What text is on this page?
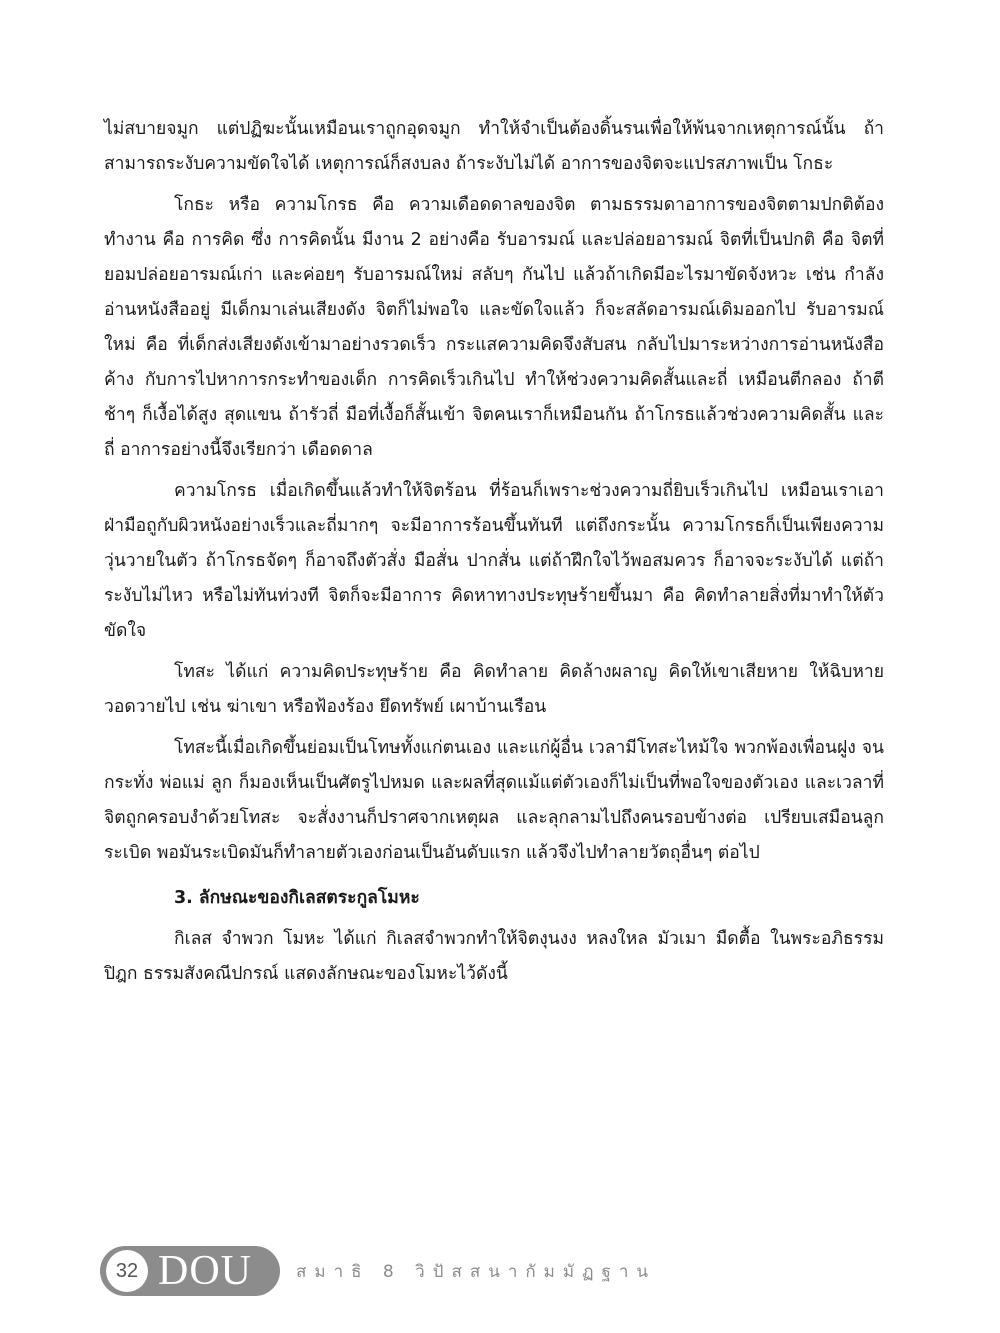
ไม่สบายจมูก แต่ปฏิฆะนั้นเหมือนเราถูกอุดจมูก ทำให้จำเป็นต้องดิ้นรนเพื่อให้พ้นจากเหตุการณ์นั้น ถ้าสามารถระงับความขัดใจได้ เหตุการณ์ก็สงบลง ถ้าระงับไม่ได้ อาการของจิตจะแปรสภาพเป็น โกธะ

โกธะ หรือ ความโกรธ คือ ความเดือดดาลของจิต ตามธรรมดาอาการของจิตตามปกติต้องทำงาน คือ การคิด ซึ่ง การคิดนั้น มีงาน 2 อย่างคือ รับอารมณ์ และปล่อยอารมณ์ จิตที่เป็นปกติ คือ จิตที่ยอมปล่อยอารมณ์เก่า และค่อยๆ รับอารมณ์ใหม่ สลับๆ กันไป แล้วถ้าเกิดมีอะไรมาขัดจังหวะ เช่น กำลังอ่านหนังสืออยู่ มีเด็กมาเล่นเสียงดัง จิตก็ไม่พอใจ และขัดใจแล้ว ก็จะสลัดอารมณ์เดิมออกไป รับอารมณ์ใหม่ คือ ที่เด็กส่งเสียงดังเข้ามาอย่างรวดเร็ว กระแสความคิดจึงสับสน กลับไปมาระหว่างการอ่านหนังสือค้าง กับการไปหาการกระทำของเด็ก การคิดเร็วเกินไป ทำให้ช่วงความคิดสั้นและถี่ เหมือนตีกลอง ถ้าตีช้าๆ ก็เงื้อได้สูง สุดแขน ถ้ารัวถี่ มือที่เงื้อก็สั้นเข้า จิตคนเราก็เหมือนกัน ถ้าโกรธแล้วช่วงความคิดสั้น และถี่ อาการอย่างนี้จึงเรียกว่า เดือดดาล

ความโกรธ เมื่อเกิดขึ้นแล้วทำให้จิตร้อน ที่ร้อนก็เพราะช่วงความถี่ยิบเร็วเกินไป เหมือนเราเอาฝ่ามือถูกับผิวหนังอย่างเร็วและถี่มากๆ จะมีอาการร้อนขึ้นทันที แต่ถึงกระนั้น ความโกรธก็เป็นเพียงความวุ่นวายในตัว ถ้าโกรธจัดๆ ก็อาจถึงตัวสั่ง มือสั่น ปากสั่น แต่ถ้าฝึกใจไว้พอสมควร ก็อาจจะระงับได้ แต่ถ้าระงับไม่ไหว หรือไม่ทันท่วงที จิตก็จะมีอาการ คิดหาทางประทุษร้ายขึ้นมา คือ คิดทำลายสิ่งที่มาทำให้ตัวขัดใจ

โทสะ ได้แก่ ความคิดประทุษร้าย คือ คิดทำลาย คิดล้างผลาญ คิดให้เขาเสียหาย ให้ฉิบหายวอดวายไป เช่น ฆ่าเขา หรือฟ้องร้อง ยึดทรัพย์ เผาบ้านเรือน

โทสะนี้เมื่อเกิดขึ้นย่อมเป็นโทษทั้งแก่ตนเอง และแก่ผู้อื่น เวลามีโทสะไหม้ใจ พวกพ้องเพื่อนฝูง จนกระทั่ง พ่อแม่ ลูก ก็มองเห็นเป็นศัตรูไปหมด และผลที่สุดแม้แต่ตัวเองก็ไม่เป็นที่พอใจของตัวเอง และเวลาที่จิตถูกครอบงำด้วยโทสะ จะสั่งงานก็ปราศจากเหตุผล และลุกลามไปถึงคนรอบข้างต่อ เปรียบเสมือนลูกระเบิด พอมันระเบิดมันก็ทำลายตัวเองก่อนเป็นอันดับแรก แล้วจึงไปทำลายวัตถุอื่นๆ ต่อไป

3. ลักษณะของกิเลสตระกูลโมหะ

กิเลส จำพวก โมหะ ได้แก่ กิเลสจำพวกทำให้จิตงุนงง หลงใหล มัวเมา มืดตื้อ ในพระอภิธรรมปิฎก ธรรมสังคณีปกรณ์ แสดงลักษณะของโมหะไว้ดังนี้

32 DOU	สมาธิ 8 วิปัสสนากัมมัฏฐาน
